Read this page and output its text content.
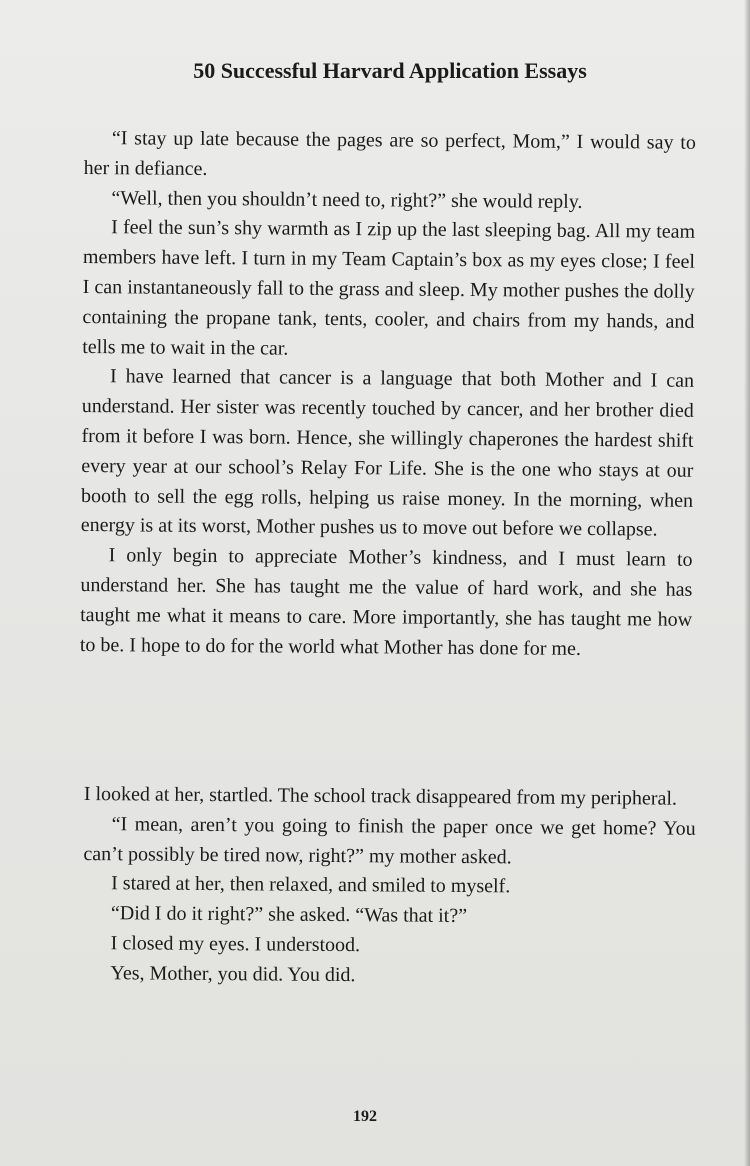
50 Successful Harvard Application Essays

“I stay up late because the pages are so perfect, Mom,” I would say to her in defiance.

“Well, then you shouldn’t need to, right?” she would reply.

I feel the sun’s shy warmth as I zip up the last sleeping bag. All my team members have left. I turn in my Team Captain’s box as my eyes close; I feel I can instantaneously fall to the grass and sleep. My mother pushes the dolly containing the propane tank, tents, cooler, and chairs from my hands, and tells me to wait in the car.

I have learned that cancer is a language that both Mother and I can understand. Her sister was recently touched by cancer, and her brother died from it before I was born. Hence, she willingly chaperones the hardest shift every year at our school’s Relay For Life. She is the one who stays at our booth to sell the egg rolls, helping us raise money. In the morning, when energy is at its worst, Mother pushes us to move out before we collapse.

I only begin to appreciate Mother’s kindness, and I must learn to understand her. She has taught me the value of hard work, and she has taught me what it means to care. More importantly, she has taught me how to be. I hope to do for the world what Mother has done for me.

I looked at her, startled. The school track disappeared from my peripheral.

“I mean, aren’t you going to finish the paper once we get home? You can’t possibly be tired now, right?” my mother asked.

I stared at her, then relaxed, and smiled to myself.

“Did I do it right?” she asked. “Was that it?”

I closed my eyes. I understood.

Yes, Mother, you did. You did.

192
